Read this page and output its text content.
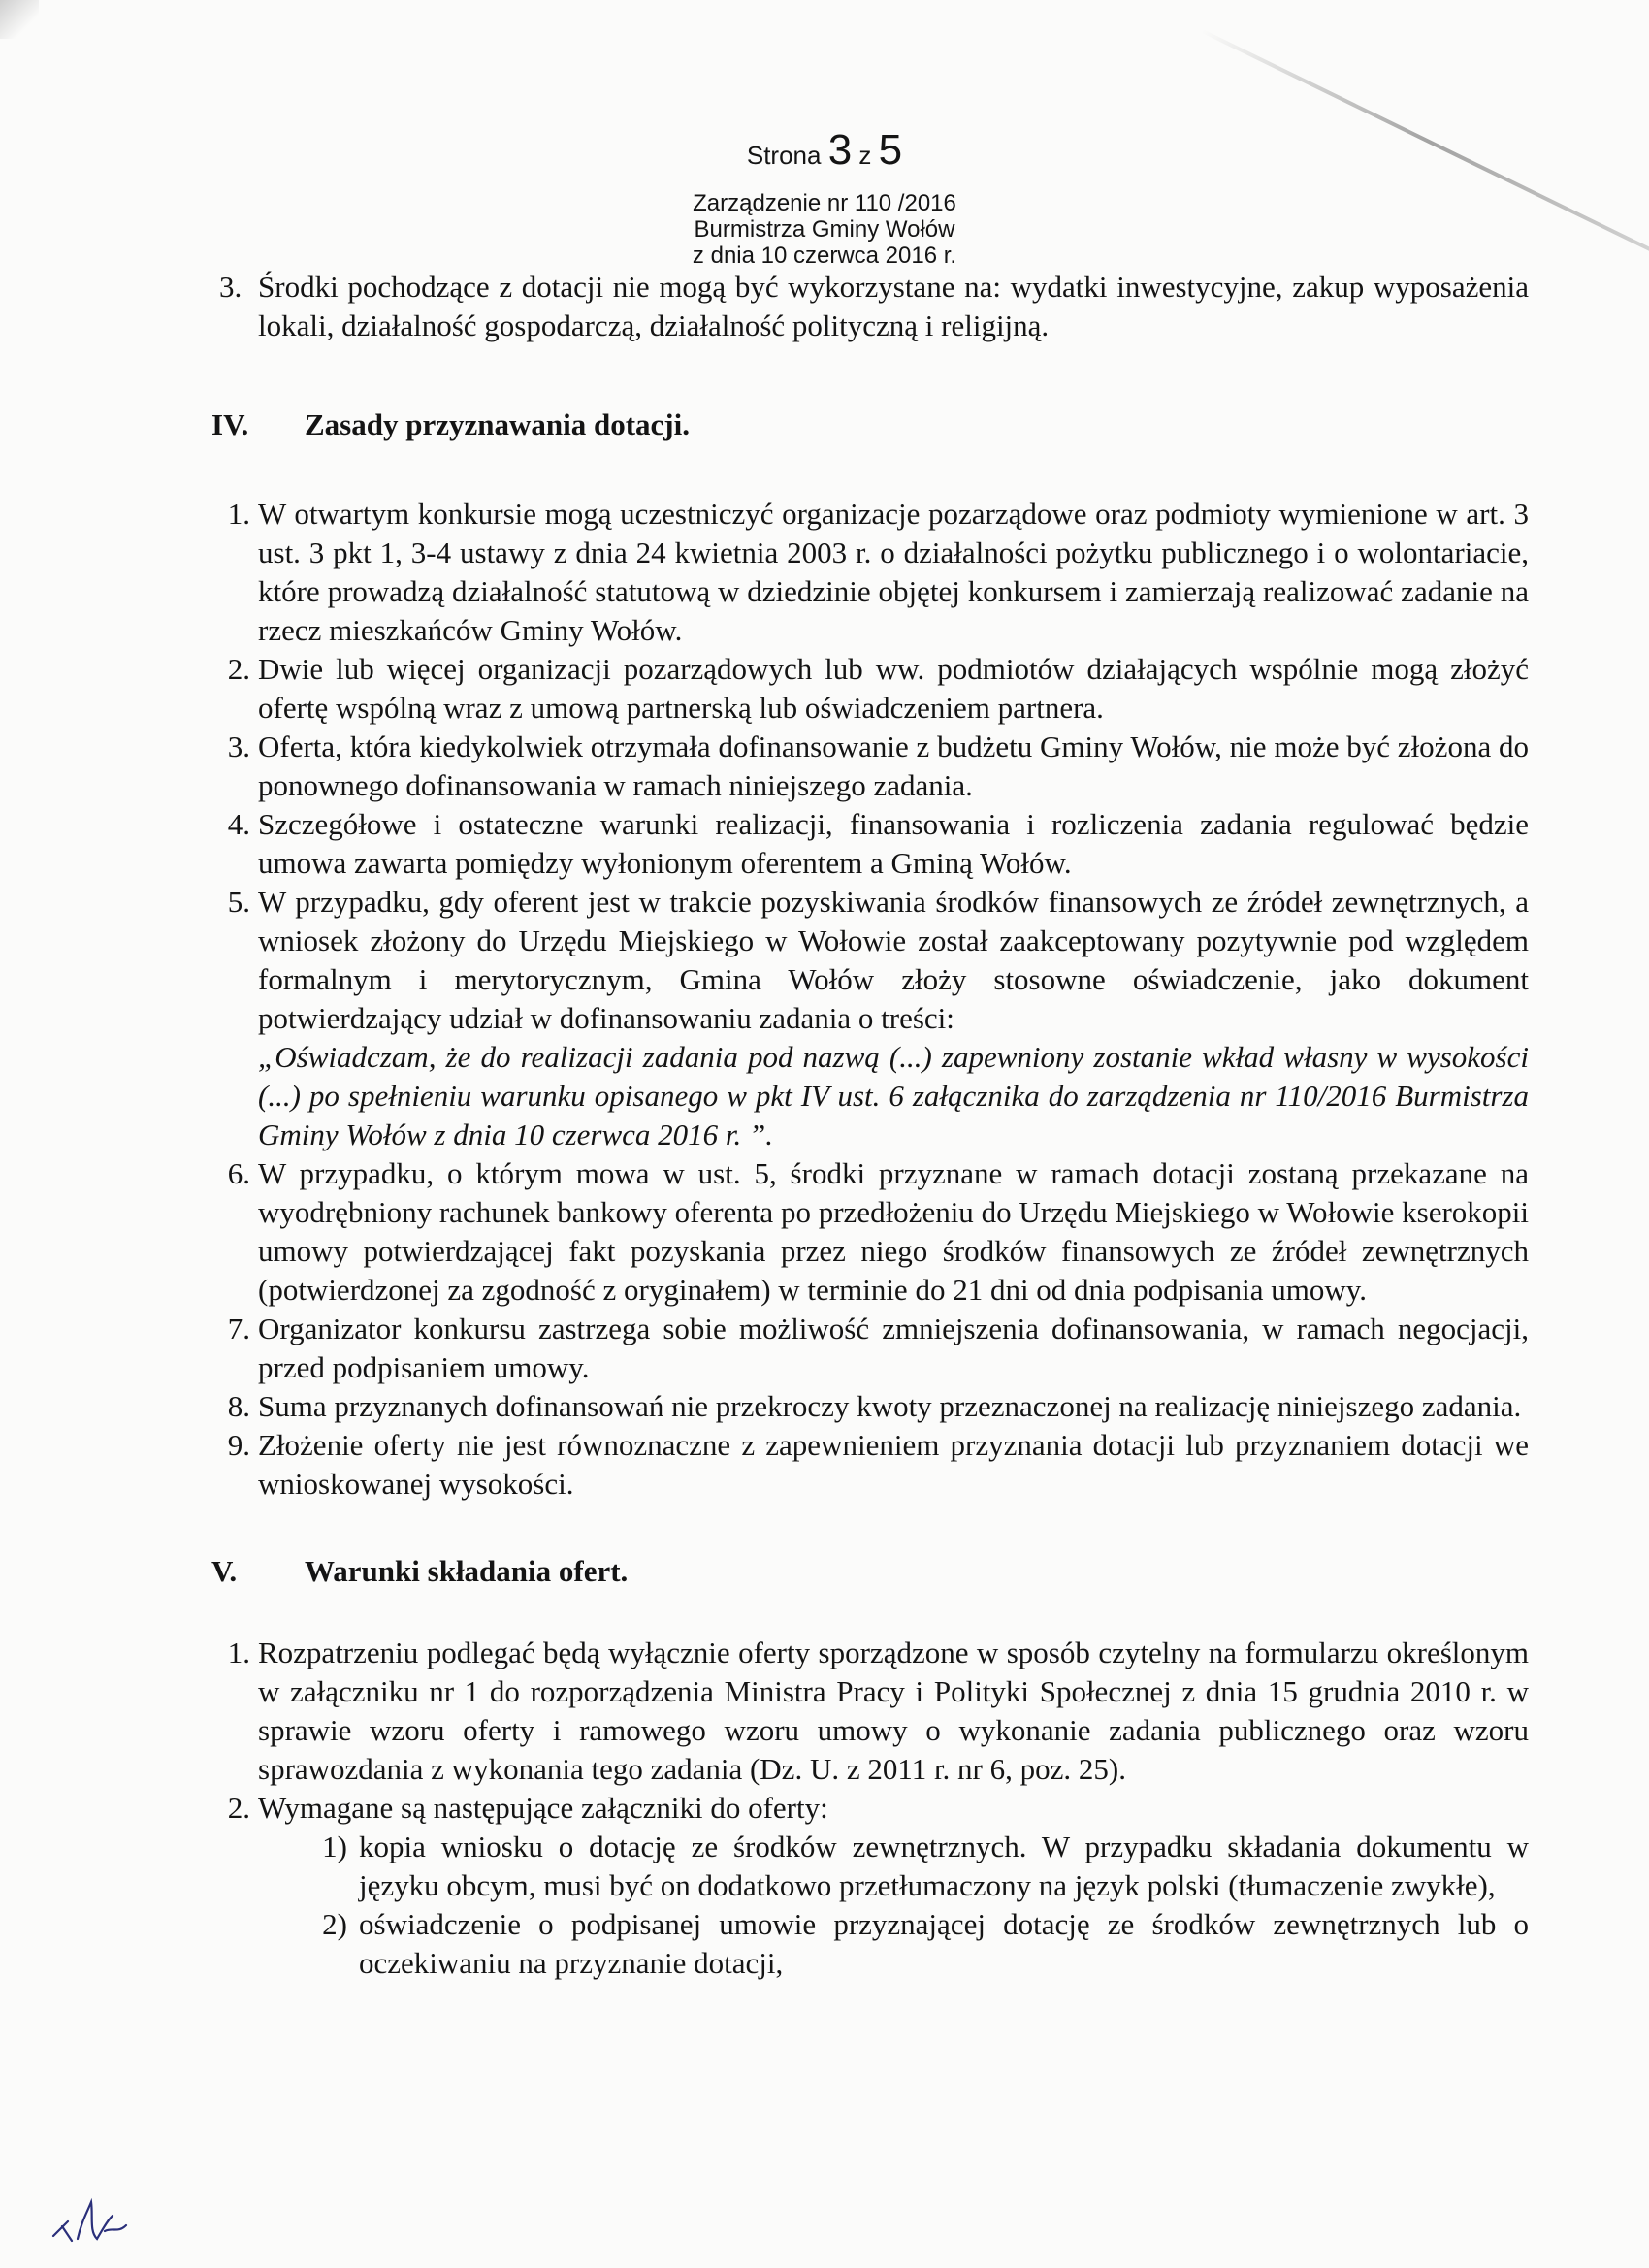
Strona 3 z 5
Zarządzenie nr 110 /2016
Burmistrza Gminy Wołów
z dnia 10 czerwca 2016 r.
3. Środki pochodzące z dotacji nie mogą być wykorzystane na: wydatki inwestycyjne, zakup wyposażenia lokali, działalność gospodarczą, działalność polityczną i religijną.
IV. Zasady przyznawania dotacji.
1. W otwartym konkursie mogą uczestniczyć organizacje pozarządowe oraz podmioty wymienione w art. 3 ust. 3 pkt 1, 3-4 ustawy z dnia 24 kwietnia 2003 r. o działalności pożytku publicznego i o wolontariacie, które prowadzą działalność statutową w dziedzinie objętej konkursem i zamierzają realizować zadanie na rzecz mieszkańców Gminy Wołów.
2. Dwie lub więcej organizacji pozarządowych lub ww. podmiotów działających wspólnie mogą złożyć ofertę wspólną wraz z umową partnerską lub oświadczeniem partnera.
3. Oferta, która kiedykolwiek otrzymała dofinansowanie z budżetu Gminy Wołów, nie może być złożona do ponownego dofinansowania w ramach niniejszego zadania.
4. Szczegółowe i ostateczne warunki realizacji, finansowania i rozliczenia zadania regulować będzie umowa zawarta pomiędzy wyłonionym oferentem a Gminą Wołów.
5. W przypadku, gdy oferent jest w trakcie pozyskiwania środków finansowych ze źródeł zewnętrznych, a wniosek złożony do Urzędu Miejskiego w Wołowie został zaakceptowany pozytywnie pod względem formalnym i merytorycznym, Gmina Wołów złoży stosowne oświadczenie, jako dokument potwierdzający udział w dofinansowaniu zadania o treści:
„Oświadczam, że do realizacji zadania pod nazwą (...) zapewniony zostanie wkład własny w wysokości (...) po spełnieniu warunku opisanego w pkt IV ust. 6 załącznika do zarządzenia nr 110/2016 Burmistrza Gminy Wołów z dnia 10 czerwca 2016 r. ”.
6. W przypadku, o którym mowa w ust. 5, środki przyznane w ramach dotacji zostaną przekazane na wyodrębniony rachunek bankowy oferenta po przedłożeniu do Urzędu Miejskiego w Wołowie kserokopii umowy potwierdzającej fakt pozyskania przez niego środków finansowych ze źródeł zewnętrznych (potwierdzonej za zgodność z oryginałem) w terminie do 21 dni od dnia podpisania umowy.
7. Organizator konkursu zastrzega sobie możliwość zmniejszenia dofinansowania, w ramach negocjacji, przed podpisaniem umowy.
8. Suma przyznanych dofinansowań nie przekroczy kwoty przeznaczonej na realizację niniejszego zadania.
9. Złożenie oferty nie jest równoznaczne z zapewnieniem przyznania dotacji lub przyznaniem dotacji we wnioskowanej wysokości.
V. Warunki składania ofert.
1. Rozpatrzeniu podlegać będą wyłącznie oferty sporządzone w sposób czytelny na formularzu określonym w załączniku nr 1 do rozporządzenia Ministra Pracy i Polityki Społecznej z dnia 15 grudnia 2010 r. w sprawie wzoru oferty i ramowego wzoru umowy o wykonanie zadania publicznego oraz wzoru sprawozdania z wykonania tego zadania (Dz. U. z 2011 r. nr 6, poz. 25).
2. Wymagane są następujące załączniki do oferty:
1) kopia wniosku o dotację ze środków zewnętrznych. W przypadku składania dokumentu w języku obcym, musi być on dodatkowo przetłumaczony na język polski (tłumaczenie zwykłe),
2) oświadczenie o podpisanej umowie przyznającej dotację ze środków zewnętrznych lub o oczekiwaniu na przyznanie dotacji,
